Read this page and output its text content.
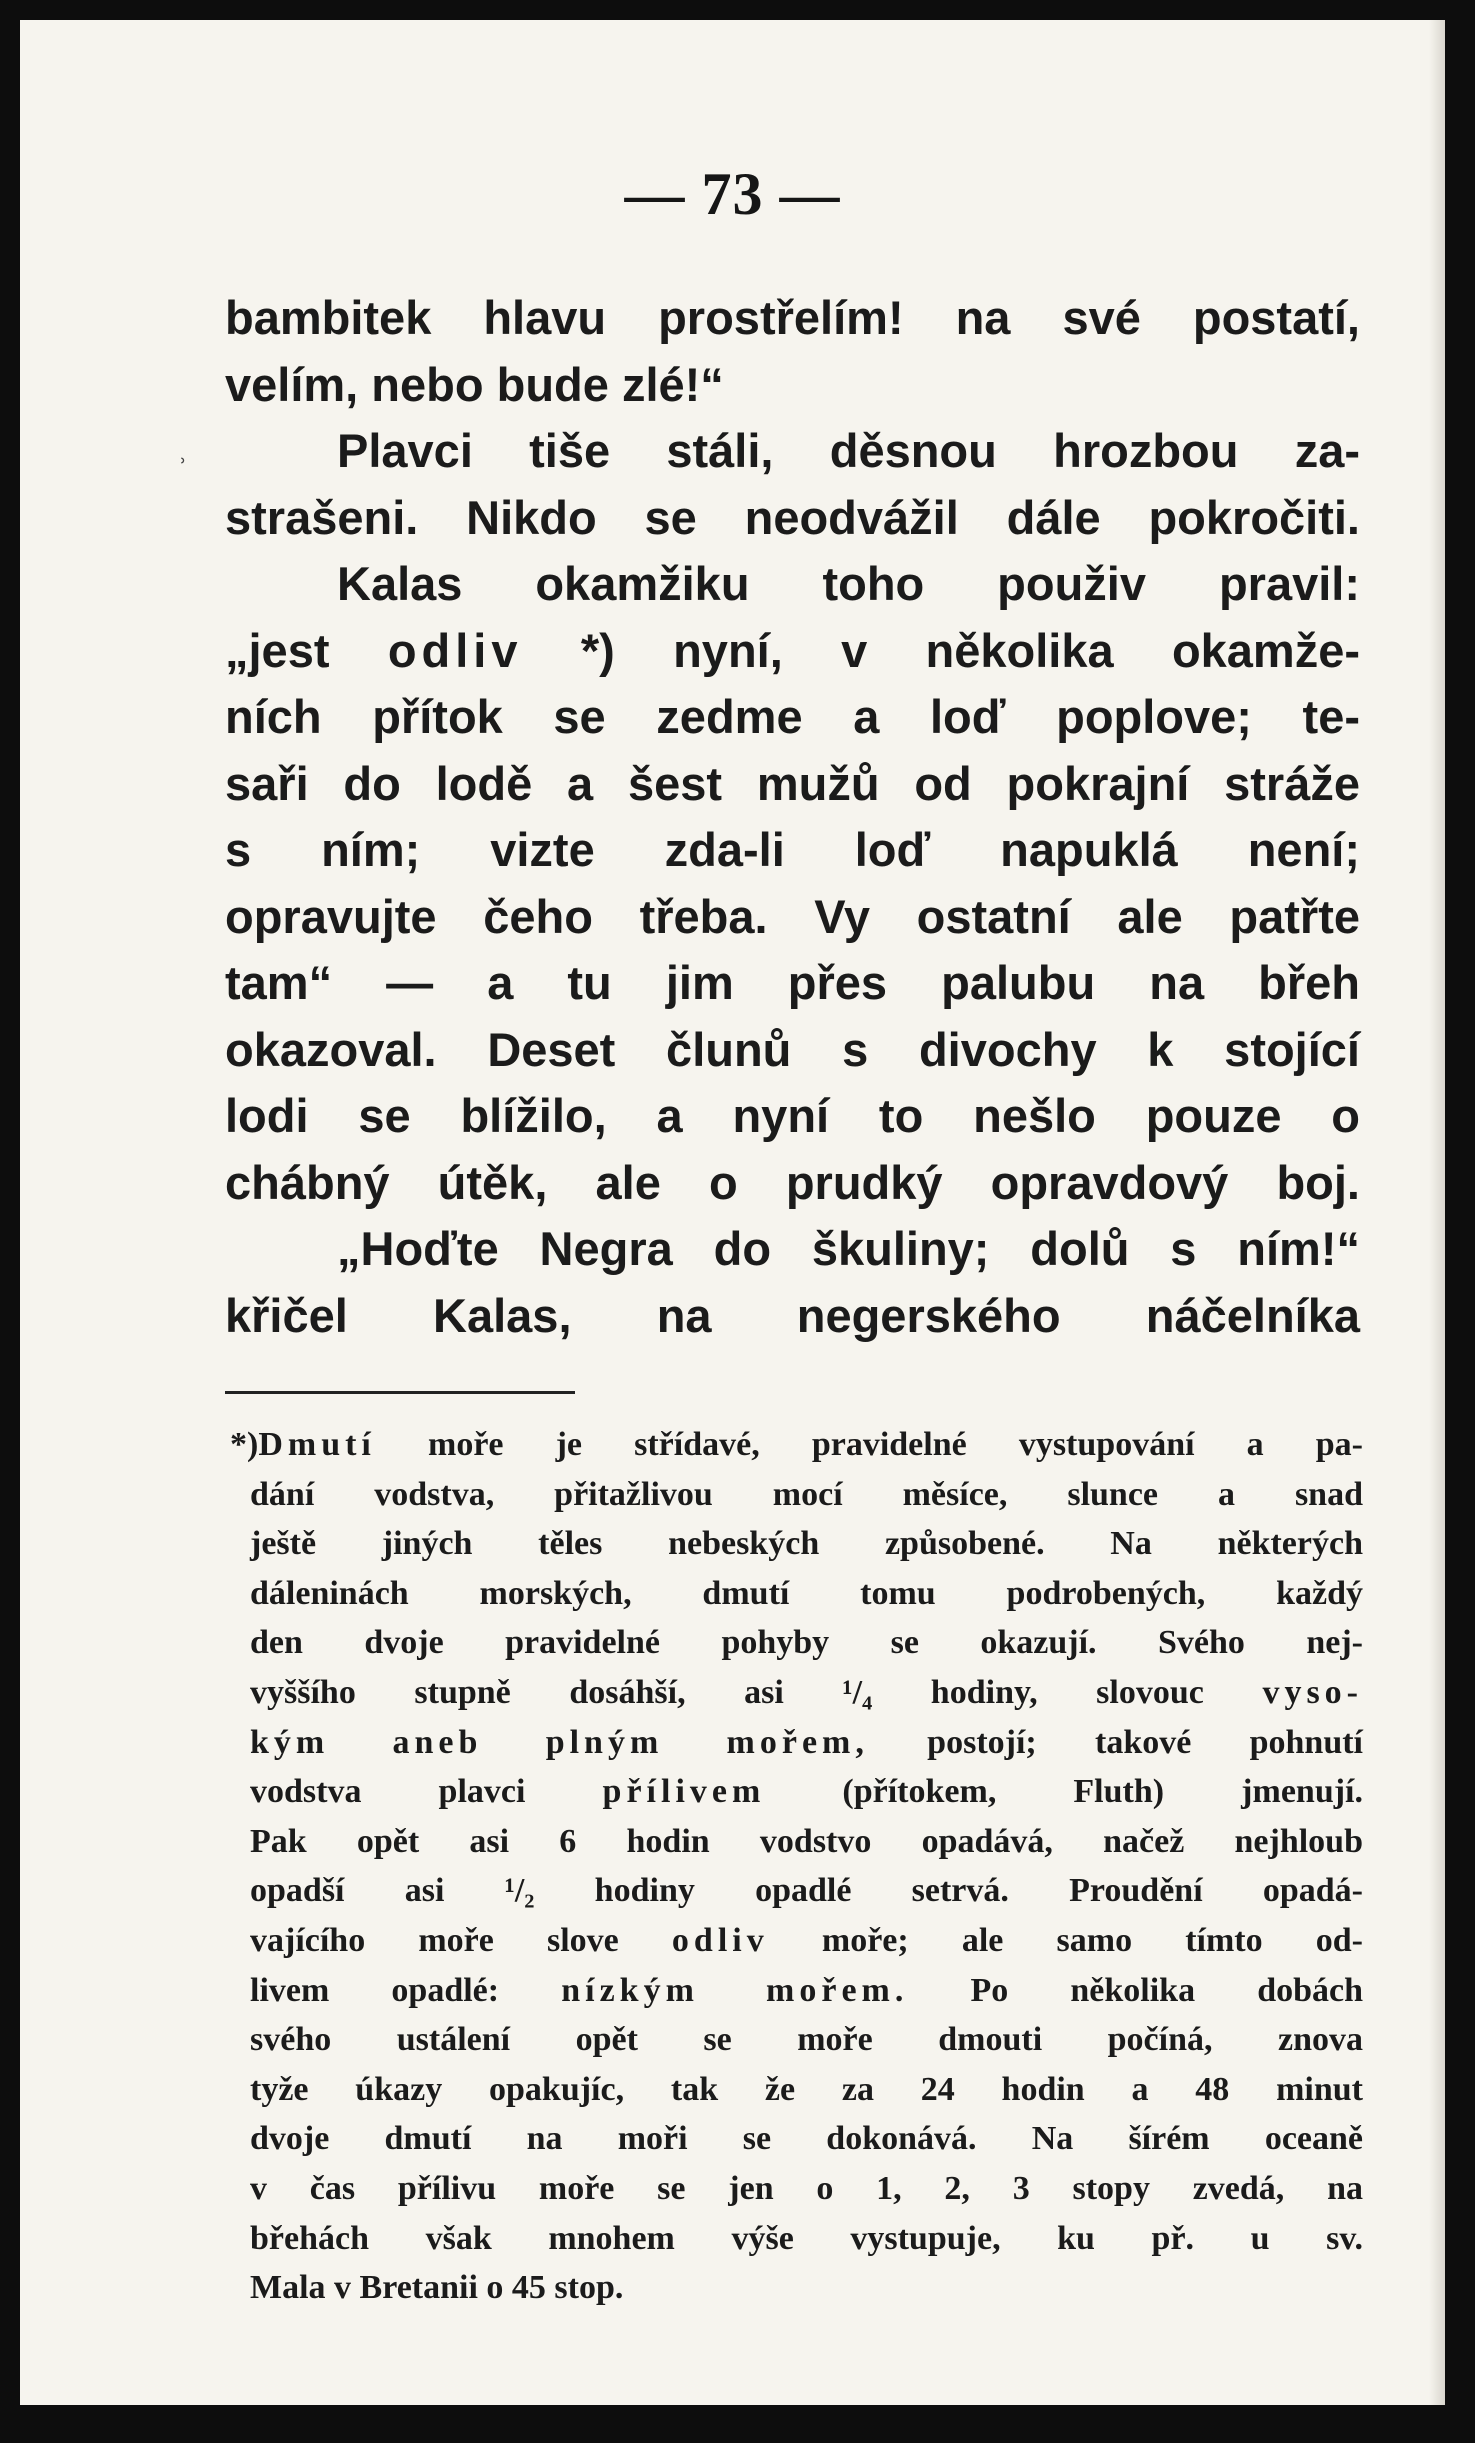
— 73 —
˒
bambitek hlavu prostřelím! na své postatí,
velím, nebo bude zlé!“
Plavci tiše stáli, děsnou hrozbou za-
strašeni. Nikdo se neodvážil dále pokročiti.
Kalas okamžiku toho použiv pravil:
„jest odliv *) nyní, v několika okamže-
ních přítok se zedme a loď poplove; te-
saři do lodě a šest mužů od pokrajní stráže
s ním; vizte zda-li loď napuklá není;
opravujte čeho třeba. Vy ostatní ale patřte
tam“ — a tu jim přes palubu na břeh
okazoval. Deset člunů s divochy k stojící
lodi se blížilo, a nyní to nešlo pouze o
chábný útěk, ale o prudký opravdový boj.
„Hoďte Negra do škuliny; dolů s ním!“
křičel Kalas, na negerského náčelníka
*)Dmutí moře je střídavé, pravidelné vystupování a pa-
dání vodstva, přitažlivou mocí měsíce, slunce a snad
ještě jiných těles nebeských způsobené. Na některých
dáleninách morských, dmutí tomu podrobených, každý
den dvoje pravidelné pohyby se okazují. Svého nej-
vyššího stupně dosáhší, asi ¹/₄ hodiny, slovouc vyso-
kým aneb plným mořem, postojí; takové pohnutí
vodstva plavci přílivem (přítokem, Fluth) jmenují.
Pak opět asi 6 hodin vodstvo opadává, načež nejhloub
opadší asi ¹/₂ hodiny opadlé setrvá. Proudění opadá-
vajícího moře slove odliv moře; ale samo tímto od-
livem opadlé: nízkým mořem. Po několika dobách
svého ustálení opět se moře dmouti počíná, znova
tyže úkazy opakujíc, tak že za 24 hodin a 48 minut
dvoje dmutí na moři se dokonává. Na šírém oceaně
v čas přílivu moře se jen o 1, 2, 3 stopy zvedá, na
břehách však mnohem výše vystupuje, ku př. u sv.
Mala v Bretanii o 45 stop.
